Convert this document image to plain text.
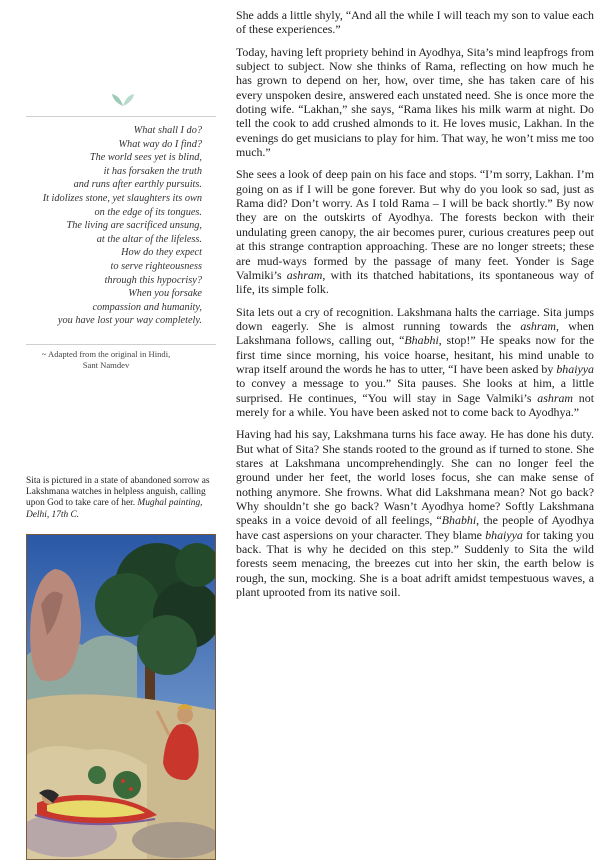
What shall I do?
What way do I find?
The world sees yet is blind,
it has forsaken the truth
and runs after earthly pursuits.
It idolizes stone, yet slaughters its own
on the edge of its tongues.
The living are sacrificed unsung,
at the altar of the lifeless.
How do they expect
to serve righteousness
through this hypocrisy?
When you forsake
compassion and humanity,
you have lost your way completely.
~ Adapted from the original in Hindi,
Sant Namdev
Sita is pictured in a state of abandoned sorrow as Lakshmana watches in helpless anguish, calling upon God to take care of her. Mughal painting, Delhi, 17th C.

She adds a little shyly, “And all the while I will teach my son to value each of these experiences.”

Today, having left propriety behind in Ayodhya, Sita’s mind leapfrogs from subject to subject. Now she thinks of Rama, reflecting on how much he has grown to depend on her, how, over time, she has taken care of his every unspoken desire, answered each unstated need. She is once more the doting wife. “Lakhan,” she says, “Rama likes his milk warm at night. Do tell the cook to add crushed almonds to it. He loves music, Lakhan. In the evenings do get musicians to play for him. That way, he won’t miss me too much.”

She sees a look of deep pain on his face and stops. “I’m sorry, Lakhan. I’m going on as if I will be gone forever. But why do you look so sad, just as Rama did? Don’t worry. As I told Rama – I will be back shortly.” By now they are on the outskirts of Ayodhya. The forests beckon with their undulating green canopy, the air becomes purer, curious creatures peep out at this strange contraption approaching. These are no longer streets; these are mud-ways formed by the passage of many feet. Yonder is Sage Valmiki’s ashram, with its thatched habitations, its spontaneous way of life, its simple folk.

Sita lets out a cry of recognition. Lakshmana halts the carriage. Sita jumps down eagerly. She is almost running towards the ashram, when Lakshmana follows, calling out, “Bhabhi, stop!” He speaks now for the first time since morning, his voice hoarse, hesitant, his mind unable to wrap itself around the words he has to utter, “I have been asked by bhaiyya to convey a message to you.” Sita pauses. She looks at him, a little surprised. He continues, “You will stay in Sage Valmiki’s ashram not merely for a while. You have been asked not to come back to Ayodhya.”

Having had his say, Lakshmana turns his face away. He has done his duty. But what of Sita? She stands rooted to the ground as if turned to stone. She stares at Lakshmana uncomprehendingly. She can no longer feel the ground under her feet, the world loses focus, she can make sense of nothing anymore. She frowns. What did Lakshmana mean? Not go back? Why shouldn’t she go back? Wasn’t Ayodhya home? Softly Lakshmana speaks in a voice devoid of all feelings, “Bhabhi, the people of Ayodhya have cast aspersions on your character. They blame bhaiyya for taking you back. That is why he decided on this step.” Suddenly to Sita the wild forests seem menacing, the breezes cut into her skin, the earth below is rough, the sun, mocking. She is a boat adrift amidst tempestuous waves, a plant uprooted from its native soil.
